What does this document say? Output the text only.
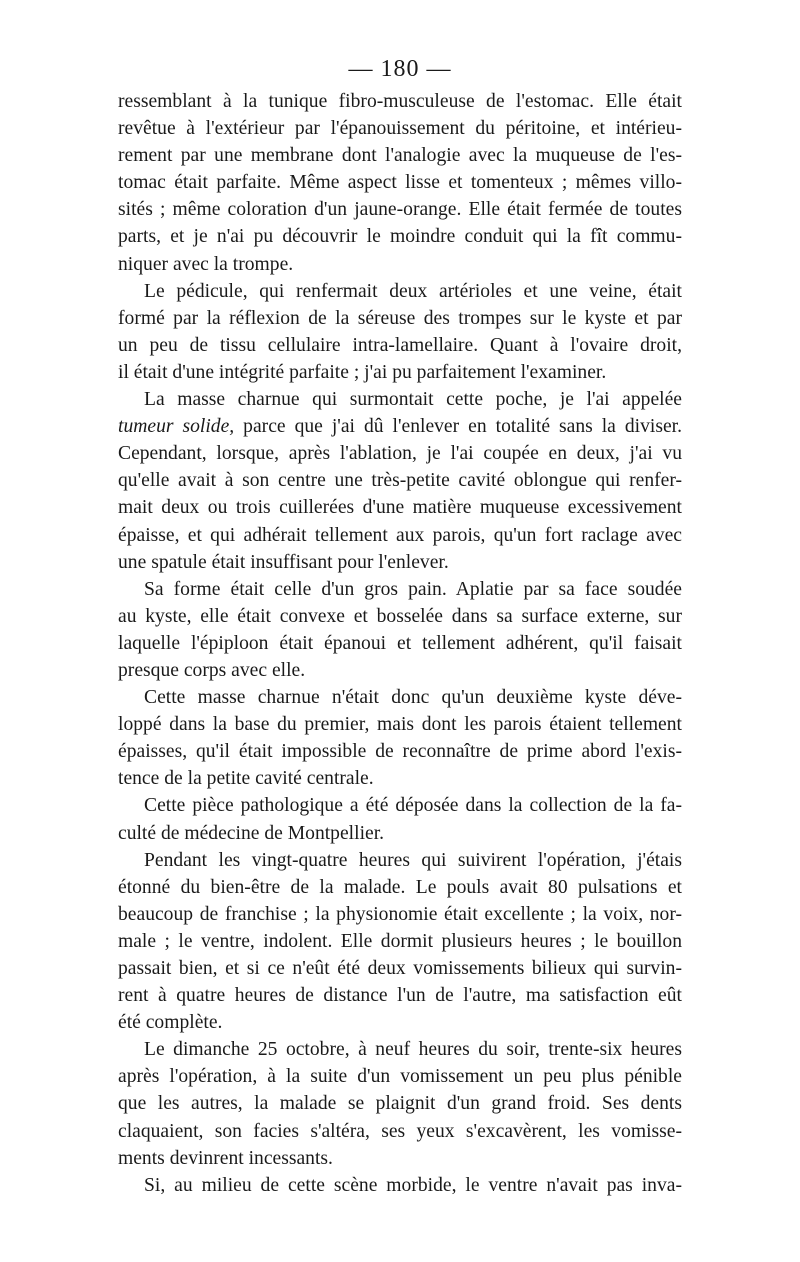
— 180 —
ressemblant à la tunique fibro-musculeuse de l'estomac. Elle était
revêtue à l'extérieur par l'épanouissement du péritoine, et intérieu-
rement par une membrane dont l'analogie avec la muqueuse de l'es-
tomac était parfaite. Même aspect lisse et tomenteux ; mêmes villo-
sités ; même coloration d'un jaune-orange. Elle était fermée de toutes
parts, et je n'ai pu découvrir le moindre conduit qui la fît commu-
niquer avec la trompe.
Le pédicule, qui renfermait deux artérioles et une veine, était
formé par la réflexion de la séreuse des trompes sur le kyste et par
un peu de tissu cellulaire intra-lamellaire. Quant à l'ovaire droit,
il était d'une intégrité parfaite ; j'ai pu parfaitement l'examiner.
La masse charnue qui surmontait cette poche, je l'ai appelée
tumeur solide, parce que j'ai dû l'enlever en totalité sans la diviser.
Cependant, lorsque, après l'ablation, je l'ai coupée en deux, j'ai vu
qu'elle avait à son centre une très-petite cavité oblongue qui renfer-
mait deux ou trois cuillerées d'une matière muqueuse excessivement
épaisse, et qui adhérait tellement aux parois, qu'un fort raclage avec
une spatule était insuffisant pour l'enlever.
Sa forme était celle d'un gros pain. Aplatie par sa face soudée
au kyste, elle était convexe et bosselée dans sa surface externe, sur
laquelle l'épiploon était épanoui et tellement adhérent, qu'il faisait
presque corps avec elle.
Cette masse charnue n'était donc qu'un deuxième kyste déve-
loppé dans la base du premier, mais dont les parois étaient tellement
épaisses, qu'il était impossible de reconnaître de prime abord l'exis-
tence de la petite cavité centrale.
Cette pièce pathologique a été déposée dans la collection de la fa-
culté de médecine de Montpellier.
Pendant les vingt-quatre heures qui suivirent l'opération, j'étais
étonné du bien-être de la malade. Le pouls avait 80 pulsations et
beaucoup de franchise ; la physionomie était excellente ; la voix, nor-
male ; le ventre, indolent. Elle dormit plusieurs heures ; le bouillon
passait bien, et si ce n'eût été deux vomissements bilieux qui survin-
rent à quatre heures de distance l'un de l'autre, ma satisfaction eût
été complète.
Le dimanche 25 octobre, à neuf heures du soir, trente-six heures
après l'opération, à la suite d'un vomissement un peu plus pénible
que les autres, la malade se plaignit d'un grand froid. Ses dents
claquaient, son facies s'altéra, ses yeux s'excavèrent, les vomisse-
ments devinrent incessants.
Si, au milieu de cette scène morbide, le ventre n'avait pas inva-
